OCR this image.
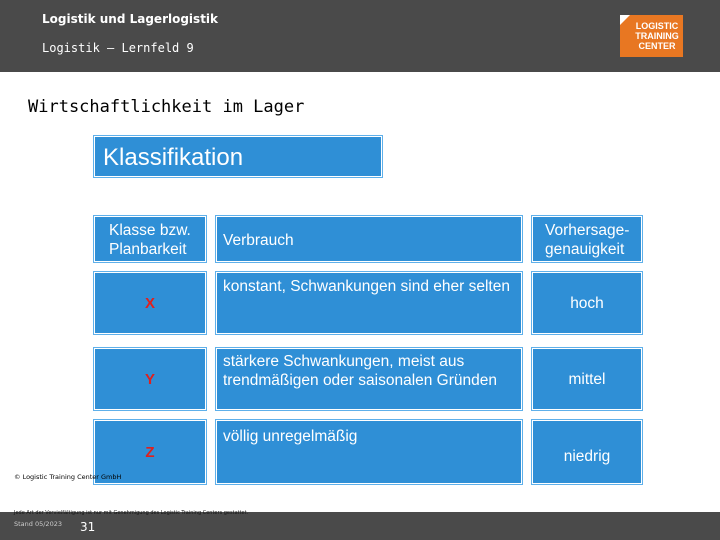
Logistik und Lagerlogistik
Logistik – Lernfeld 9
LOGISTIC
TRAINING
CENTER
Wirtschaftlichkeit im Lager
Klassifikation
Klasse bzw. Planbarkeit
Verbrauch
Vorhersage-genauigkeit
X
konstant, Schwankungen sind eher selten
hoch
Y
stärkere Schwankungen, meist aus trendmäßigen oder saisonalen Gründen	mittel
Z
völlig unregelmäßig
niedrig
© Logistic Training Center GmbH
Jede Art der Vervielfältigung ist nur mit Genehmigung des Logistic Training Centers gestattet.
Stand 05/2023 31
